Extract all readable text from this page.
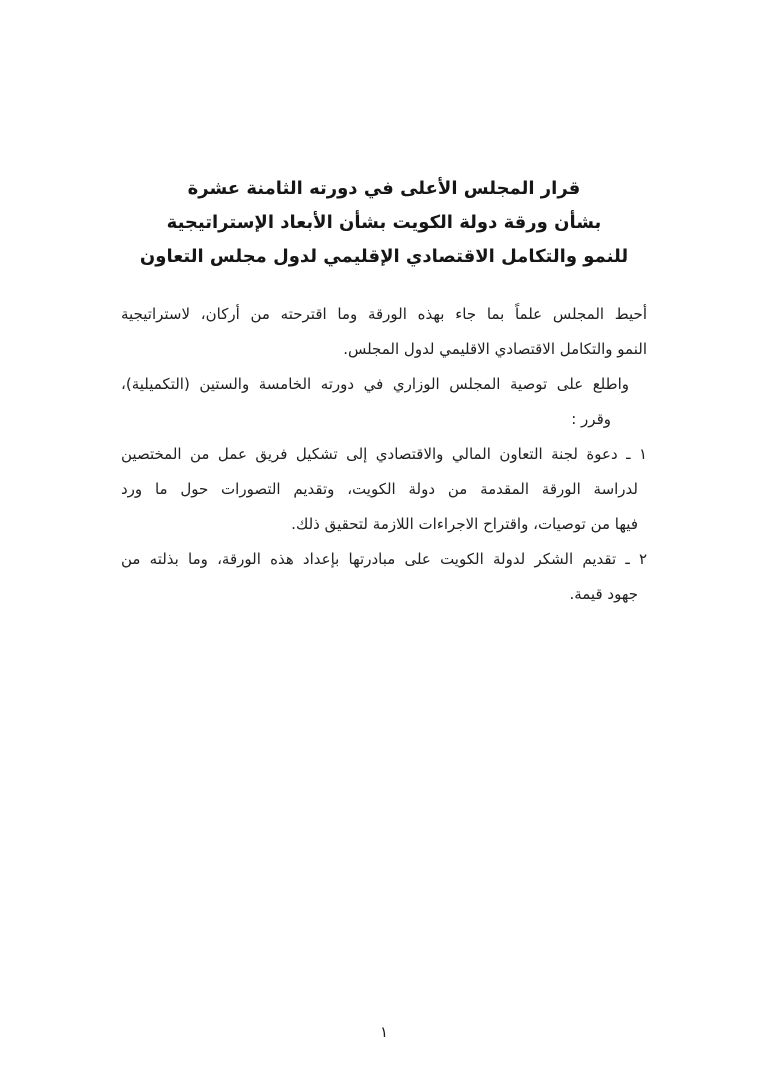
قرار المجلس الأعلى في دورته الثامنة عشرة
بشأن ورقة دولة الكويت بشأن الأبعاد الإستراتيجية
للنمو والتكامل الاقتصادي الإقليمي لدول مجلس التعاون
أحيط المجلس علماً بما جاء بهذه الورقة وما اقترحته من أركان، لاستراتيجية
النمو والتكامل الاقتصادي الاقليمي لدول المجلس.
واطلع على توصية المجلس الوزاري في دورته الخامسة والستين (التكميلية)،
وقرر :
١ ـ دعوة لجنة التعاون المالي والاقتصادي إلى تشكيل فريق عمل من المختصين
لدراسة الورقة المقدمة من دولة الكويت، وتقديم التصورات حول ما ورد
فيها من توصيات، واقتراح الاجراءات اللازمة لتحقيق ذلك.
٢ ـ تقديم الشكر لدولة الكويت على مبادرتها بإعداد هذه الورقة، وما بذلته من
جهود قيمة.
١
